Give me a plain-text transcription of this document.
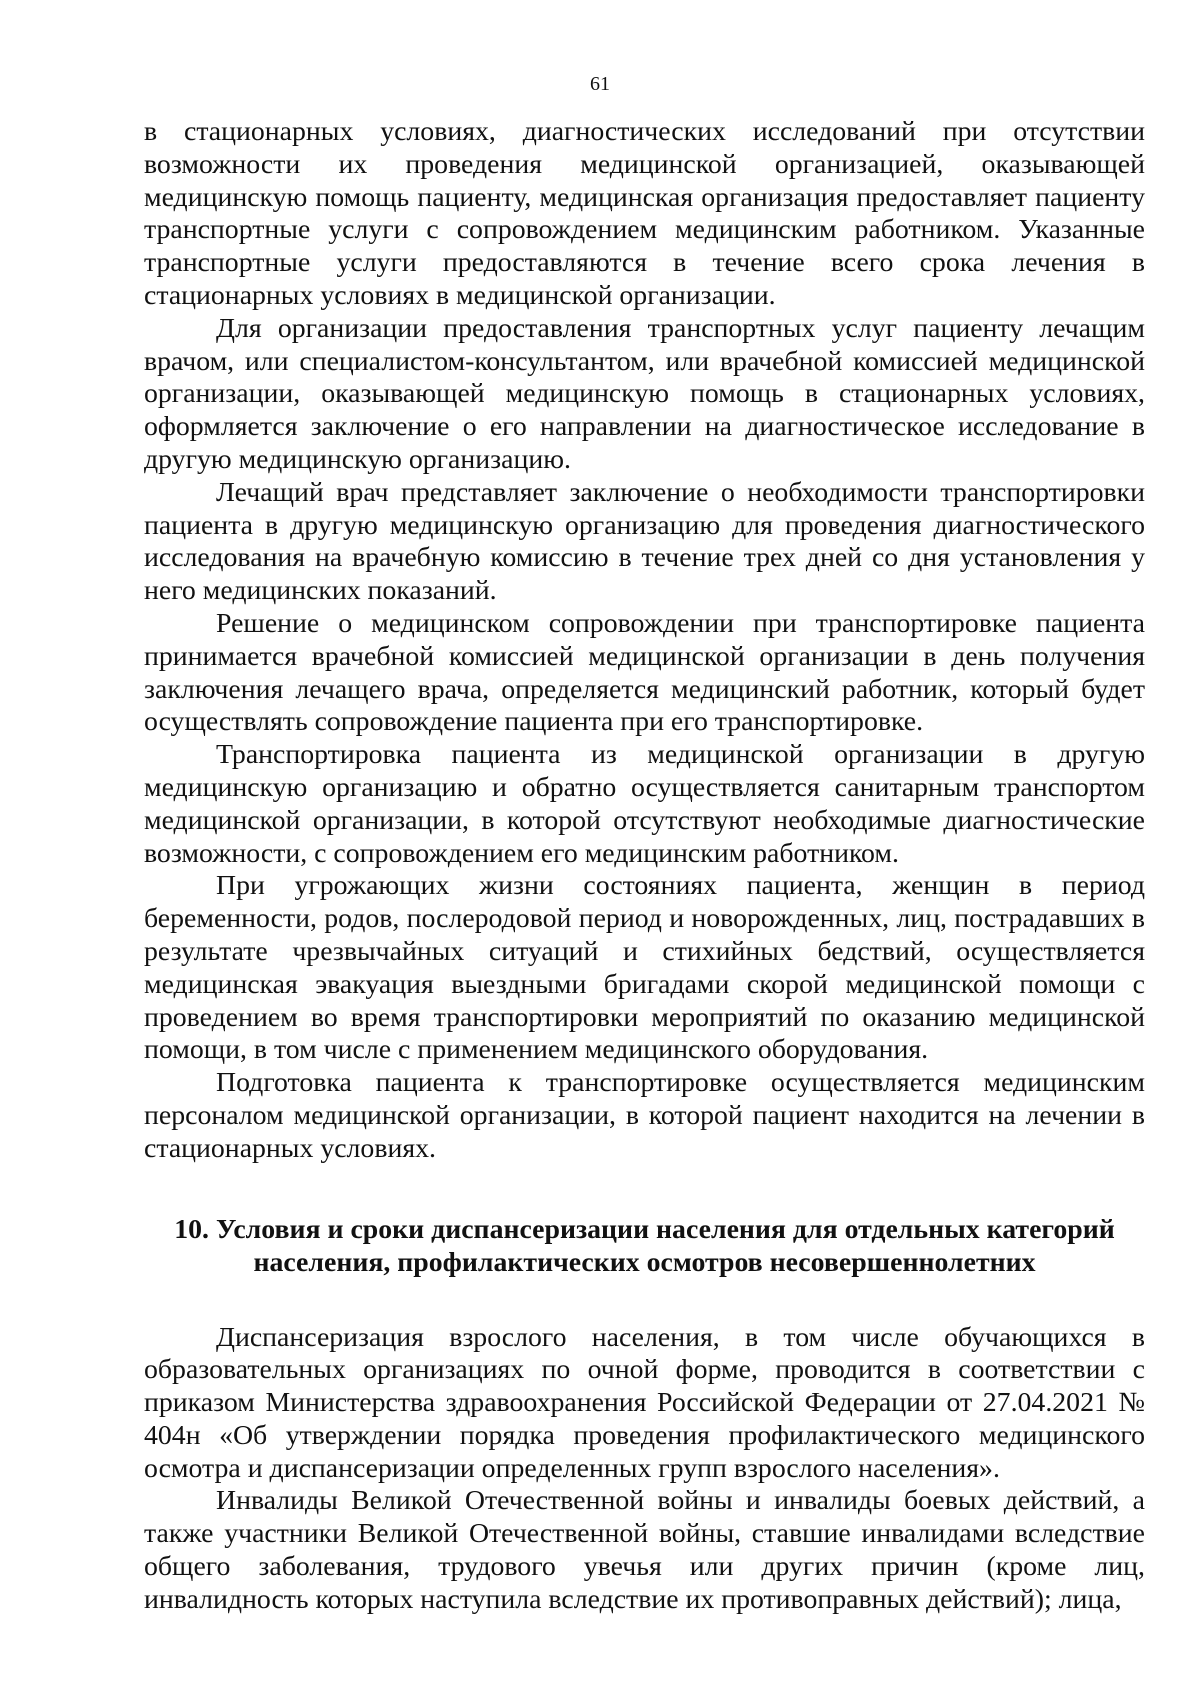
61

в стационарных условиях, диагностических исследований при отсутствии возможности их проведения медицинской организацией, оказывающей медицинскую помощь пациенту, медицинская организация предоставляет пациенту транспортные услуги с сопровождением медицинским работником. Указанные транспортные услуги предоставляются в течение всего срока лечения в стационарных условиях в медицинской организации.

Для организации предоставления транспортных услуг пациенту лечащим врачом, или специалистом-консультантом, или врачебной комиссией медицинской организации, оказывающей медицинскую помощь в стационарных условиях, оформляется заключение о его направлении на диагностическое исследование в другую медицинскую организацию.

Лечащий врач представляет заключение о необходимости транспортировки пациента в другую медицинскую организацию для проведения диагностического исследования на врачебную комиссию в течение трех дней со дня установления у него медицинских показаний.

Решение о медицинском сопровождении при транспортировке пациента принимается врачебной комиссией медицинской организации в день получения заключения лечащего врача, определяется медицинский работник, который будет осуществлять сопровождение пациента при его транспортировке.

Транспортировка пациента из медицинской организации в другую медицинскую организацию и обратно осуществляется санитарным транспортом медицинской организации, в которой отсутствуют необходимые диагностические возможности, с сопровождением его медицинским работником.

При угрожающих жизни состояниях пациента, женщин в период беременности, родов, послеродовой период и новорожденных, лиц, пострадавших в результате чрезвычайных ситуаций и стихийных бедствий, осуществляется медицинская эвакуация выездными бригадами скорой медицинской помощи с проведением во время транспортировки мероприятий по оказанию медицинской помощи, в том числе с применением медицинского оборудования.

Подготовка пациента к транспортировке осуществляется медицинским персоналом медицинской организации, в которой пациент находится на лечении в стационарных условиях.

10. Условия и сроки диспансеризации населения для отдельных категорий
населения, профилактических осмотров несовершеннолетних

Диспансеризация взрослого населения, в том числе обучающихся в образовательных организациях по очной форме, проводится в соответствии с приказом Министерства здравоохранения Российской Федерации от 27.04.2021 № 404н «Об утверждении порядка проведения профилактического медицинского осмотра и диспансеризации определенных групп взрослого населения».

Инвалиды Великой Отечественной войны и инвалиды боевых действий, а также участники Великой Отечественной войны, ставшие инвалидами вследствие общего заболевания, трудового увечья или других причин (кроме лиц, инвалидность которых наступила вследствие их противоправных действий); лица,
